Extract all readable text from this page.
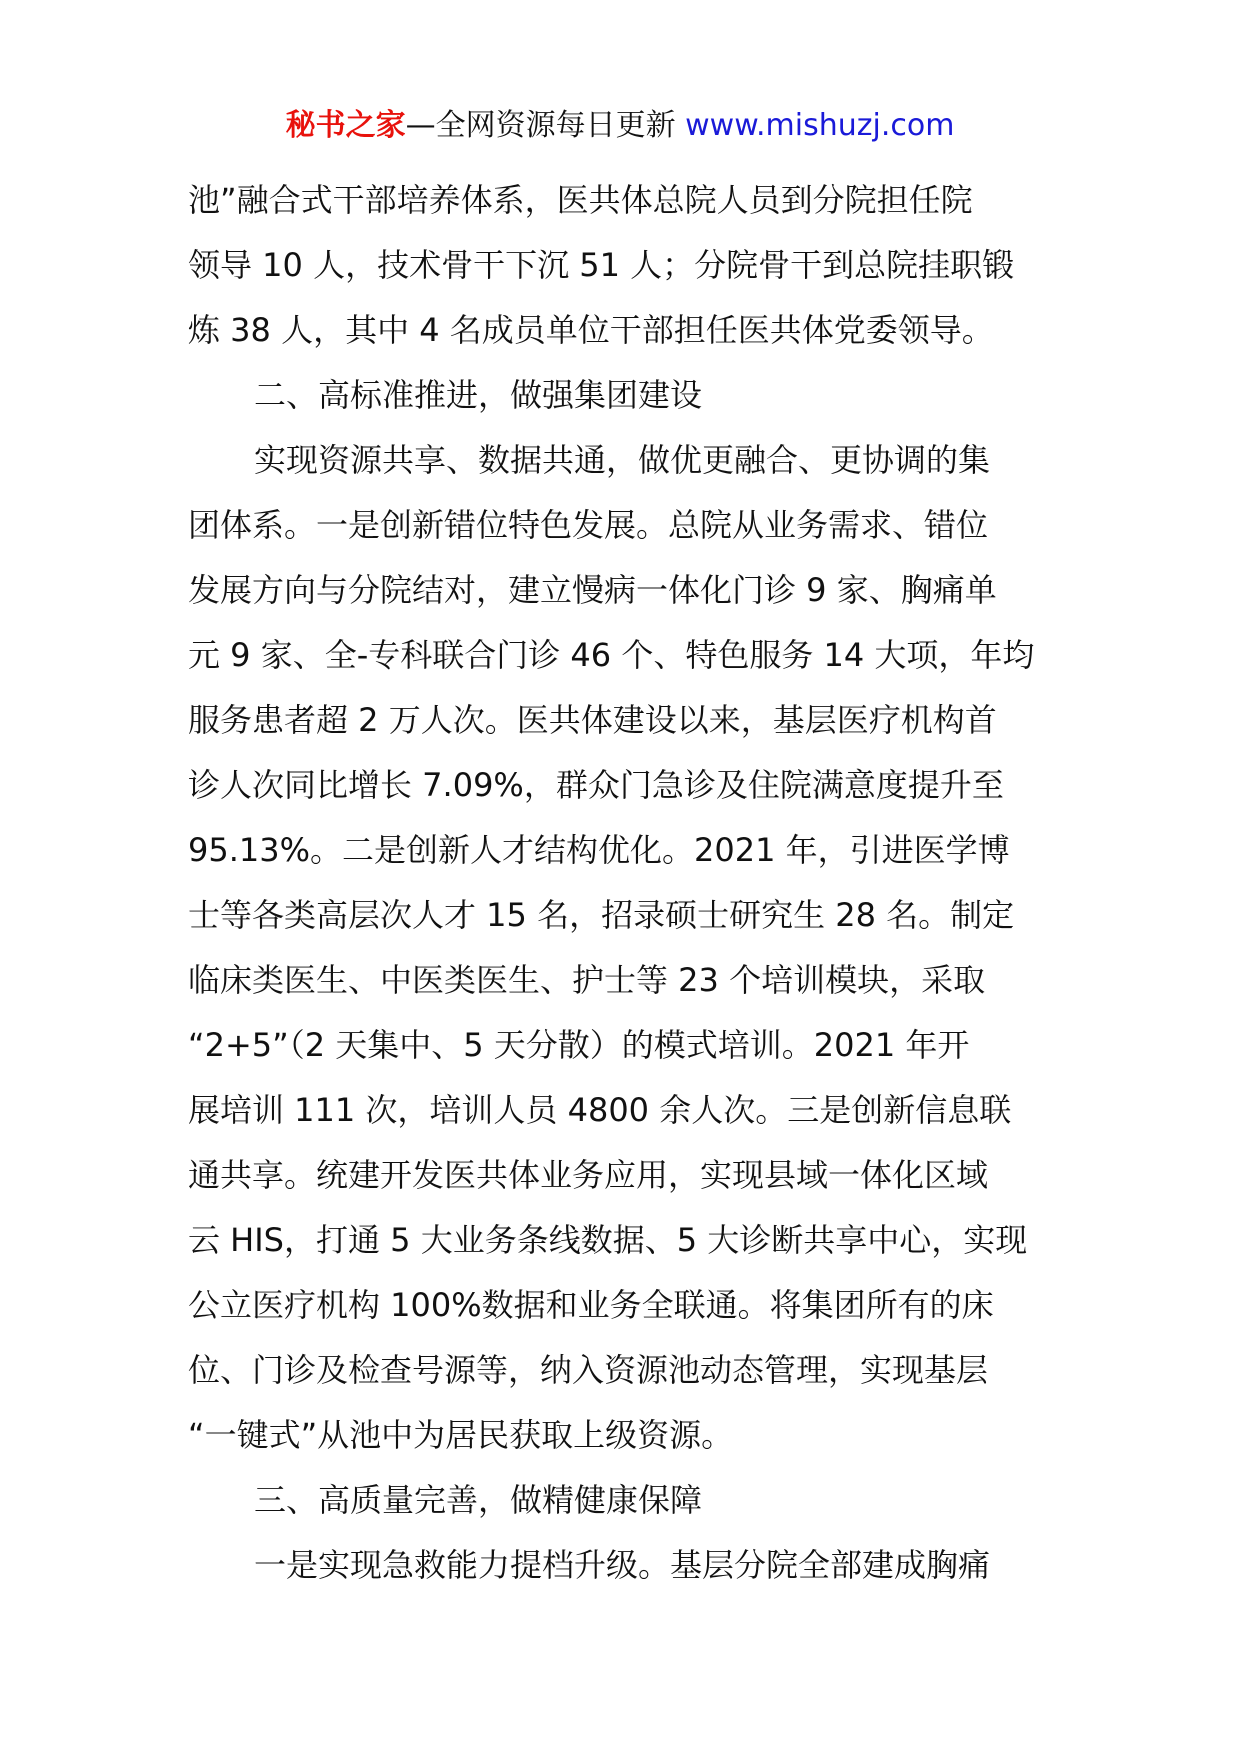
秘书之家—全网资源每日更新 www.mishuzj.com
池”融合式干部培养体系，医共体总院人员到分院担任院
领导 10 人，技术骨干下沉 51 人；分院骨干到总院挂职锻
炼 38 人，其中 4 名成员单位干部担任医共体党委领导。
二、高标准推进，做强集团建设
实现资源共享、数据共通，做优更融合、更协调的集
团体系。一是创新错位特色发展。总院从业务需求、错位
发展方向与分院结对，建立慢病一体化门诊 9 家、胸痛单
元 9 家、全-专科联合门诊 46 个、特色服务 14 大项，年均
服务患者超 2 万人次。医共体建设以来，基层医疗机构首
诊人次同比增长 7.09%，群众门急诊及住院满意度提升至
95.13%。二是创新人才结构优化。2021 年，引进医学博
士等各类高层次人才 15 名，招录硕士研究生 28 名。制定
临床类医生、中医类医生、护士等 23 个培训模块，采取
“2+5”（2 天集中、5 天分散）的模式培训。2021 年开
展培训 111 次，培训人员 4800 余人次。三是创新信息联
通共享。统建开发医共体业务应用，实现县域一体化区域
云 HIS，打通 5 大业务条线数据、5 大诊断共享中心，实现
公立医疗机构 100%数据和业务全联通。将集团所有的床
位、门诊及检查号源等，纳入资源池动态管理，实现基层
“一键式”从池中为居民获取上级资源。
三、高质量完善，做精健康保障
一是实现急救能力提档升级。基层分院全部建成胸痛
